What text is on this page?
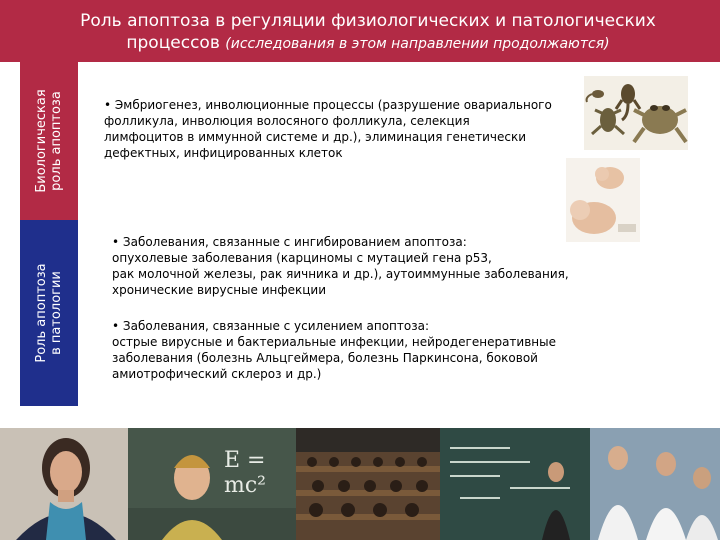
Роль апоптоза в регуляции физиологических и патологических процессов (исследования в этом направлении продолжаются)
Биологическая роль апоптоза
Роль апоптоза в патологии

• Эмбриогенез, инволюционные процессы (разрушение овариального

фолликула, инволюция волосяного фолликула, селекция

лимфоцитов в иммунной системе и др.), элиминация генетически

дефектных, инфицированных клеток

• Заболевания, связанные с ингибированием апоптоза:

опухолевые заболевания (карциномы с мутацией гена p53,

рак молочной железы, рак яичника и др.), аутоиммунные заболевания,

хронические вирусные инфекции

• Заболевания, связанные с усилением апоптоза:

острые вирусные и бактериальные инфекции, нейродегенеративные

заболевания (болезнь Альцгеймера, болезнь Паркинсона, боковой

амиотрофический склероз и др.)

E = mc²
